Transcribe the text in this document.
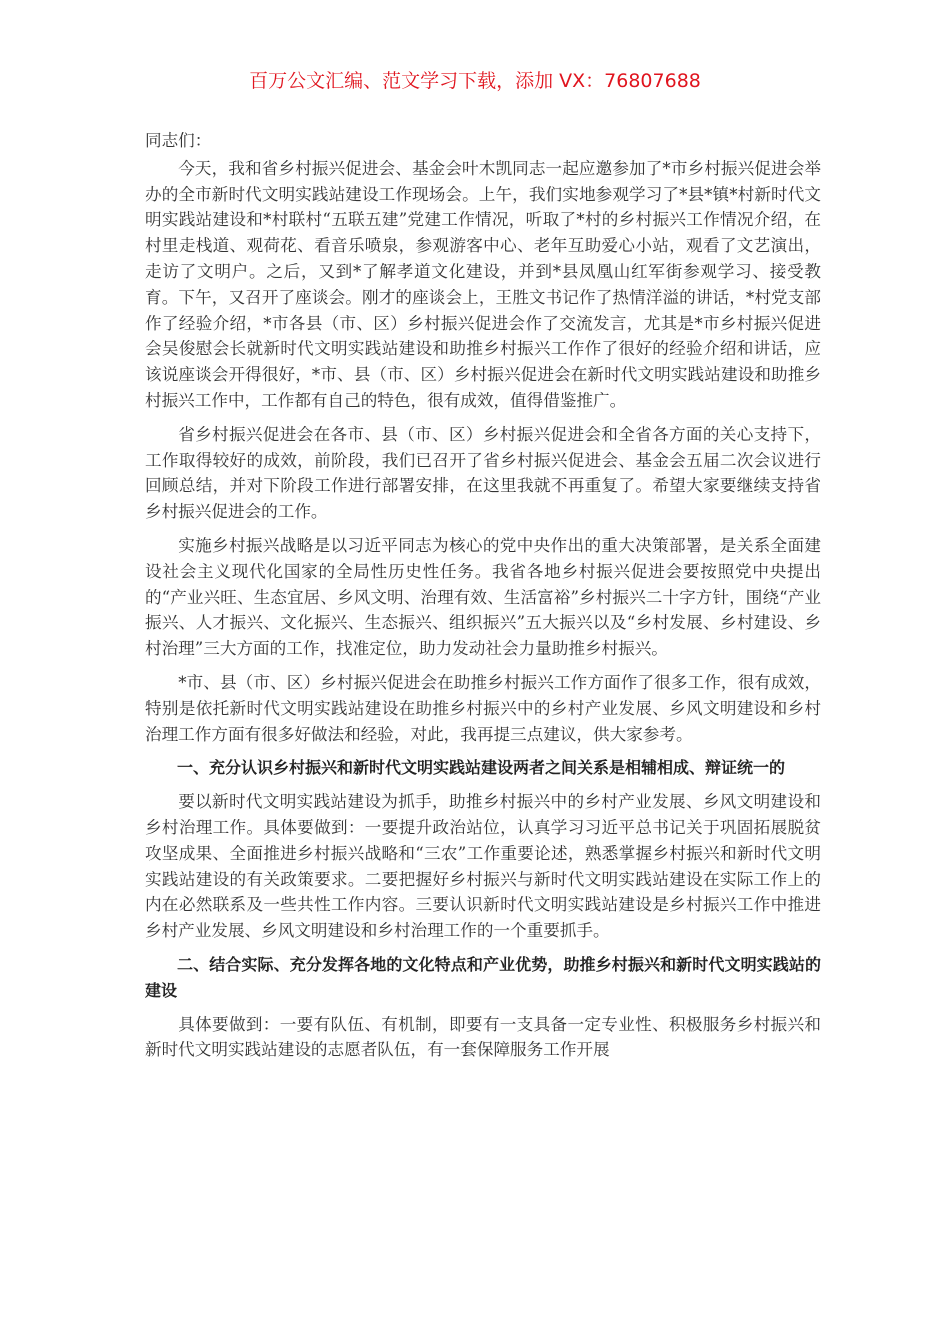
百万公文汇编、范文学习下载，添加 VX：76807688

同志们：

今天，我和省乡村振兴促进会、基金会叶木凯同志一起应邀参加了*市乡村振兴促进会举办的全市新时代文明实践站建设工作现场会。上午，我们实地参观学习了*县*镇*村新时代文明实践站建设和*村联村“五联五建”党建工作情况，听取了*村的乡村振兴工作情况介绍，在村里走栈道、观荷花、看音乐喷泉，参观游客中心、老年互助爱心小站，观看了文艺演出，走访了文明户。之后，又到*了解孝道文化建设，并到*县凤凰山红军街参观学习、接受教育。下午，又召开了座谈会。刚才的座谈会上，王胜文书记作了热情洋溢的讲话，*村党支部作了经验介绍，*市各县（市、区）乡村振兴促进会作了交流发言，尤其是*市乡村振兴促进会吴俊慰会长就新时代文明实践站建设和助推乡村振兴工作作了很好的经验介绍和讲话，应该说座谈会开得很好，*市、县（市、区）乡村振兴促进会在新时代文明实践站建设和助推乡村振兴工作中，工作都有自己的特色，很有成效，值得借鉴推广。

省乡村振兴促进会在各市、县（市、区）乡村振兴促进会和全省各方面的关心支持下，工作取得较好的成效，前阶段，我们已召开了省乡村振兴促进会、基金会五届二次会议进行回顾总结，并对下阶段工作进行部署安排，在这里我就不再重复了。希望大家要继续支持省乡村振兴促进会的工作。

实施乡村振兴战略是以习近平同志为核心的党中央作出的重大决策部署，是关系全面建设社会主义现代化国家的全局性历史性任务。我省各地乡村振兴促进会要按照党中央提出的“产业兴旺、生态宜居、乡风文明、治理有效、生活富裕”乡村振兴二十字方针，围绕“产业振兴、人才振兴、文化振兴、生态振兴、组织振兴”五大振兴以及“乡村发展、乡村建设、乡村治理”三大方面的工作，找准定位，助力发动社会力量助推乡村振兴。

*市、县（市、区）乡村振兴促进会在助推乡村振兴工作方面作了很多工作，很有成效，特别是依托新时代文明实践站建设在助推乡村振兴中的乡村产业发展、乡风文明建设和乡村治理工作方面有很多好做法和经验，对此，我再提三点建议，供大家参考。

一、充分认识乡村振兴和新时代文明实践站建设两者之间关系是相辅相成、辩证统一的

要以新时代文明实践站建设为抓手，助推乡村振兴中的乡村产业发展、乡风文明建设和乡村治理工作。具体要做到：一要提升政治站位，认真学习习近平总书记关于巩固拓展脱贫攻坚成果、全面推进乡村振兴战略和“三农”工作重要论述，熟悉掌握乡村振兴和新时代文明实践站建设的有关政策要求。二要把握好乡村振兴与新时代文明实践站建设在实际工作上的内在必然联系及一些共性工作内容。三要认识新时代文明实践站建设是乡村振兴工作中推进乡村产业发展、乡风文明建设和乡村治理工作的一个重要抓手。

二、结合实际、充分发挥各地的文化特点和产业优势，助推乡村振兴和新时代文明实践站的建设

具体要做到：一要有队伍、有机制，即要有一支具备一定专业性、积极服务乡村振兴和新时代文明实践站建设的志愿者队伍，有一套保障服务工作开展
